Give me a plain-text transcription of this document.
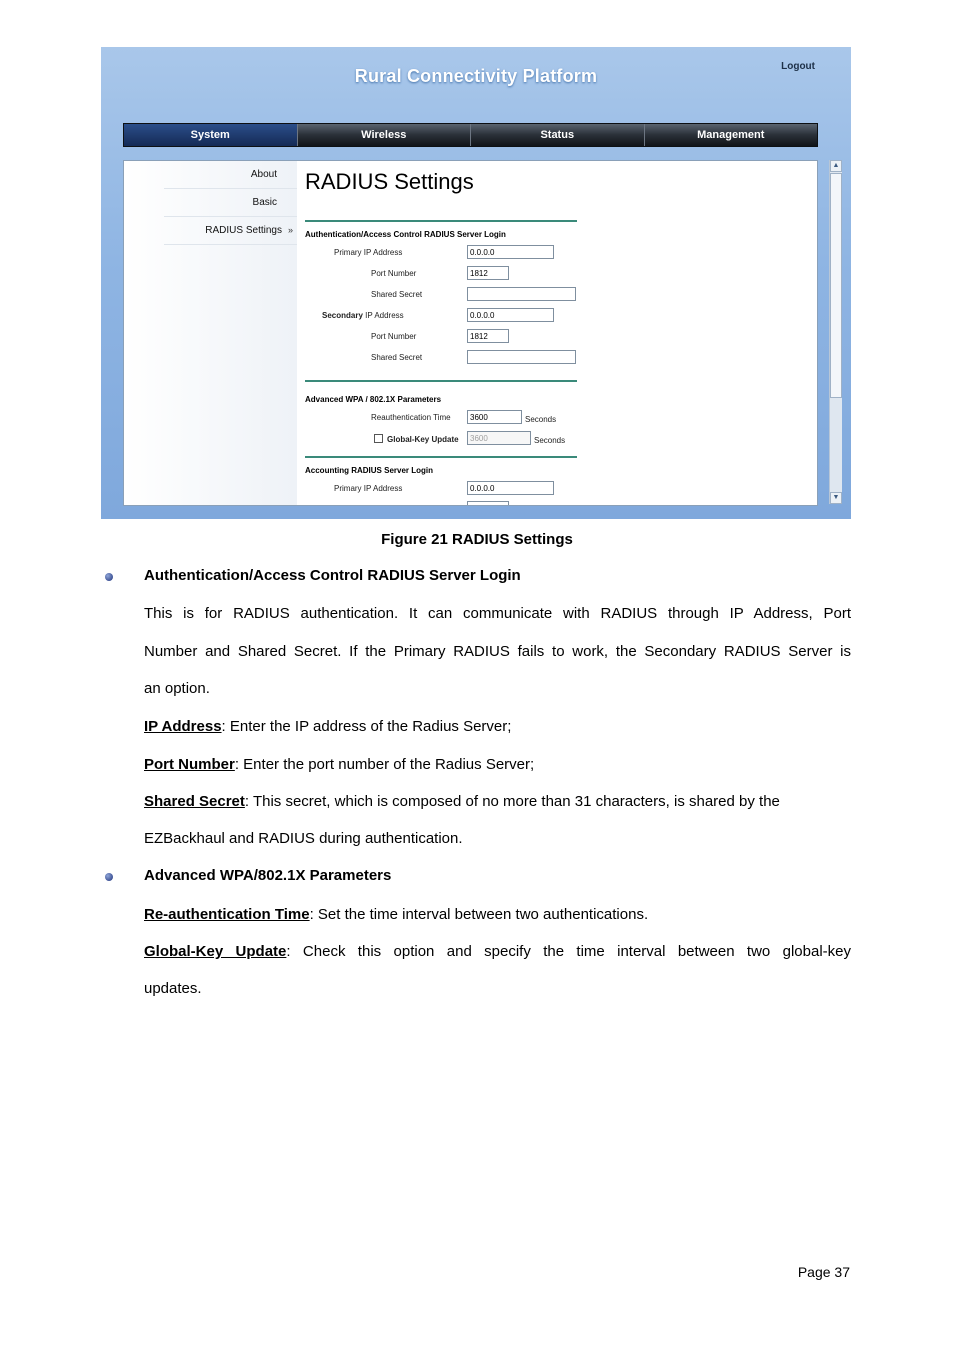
Rural Connectivity Platform	Logout
System	Wireless	Status	Management
About
Basic
RADIUS Settings »
RADIUS Settings
Authentication/Access Control RADIUS Server Login
Primary IP Address	0.0.0.0
Port Number	1812
Shared Secret
Secondary IP Address	0.0.0.0
Port Number	1812
Shared Secret
Advanced WPA / 802.1X Parameters
Reauthentication Time	3600	Seconds
Global-Key Update	3600	Seconds
Accounting RADIUS Server Login
Primary IP Address	0.0.0.0
▲
▼
Figure 21 RADIUS Settings
Authentication/Access Control RADIUS Server Login
This is for RADIUS authentication. It can communicate with RADIUS through IP Address, Port
Number and Shared Secret. If the Primary RADIUS fails to work, the Secondary RADIUS Server is
an option.
IP Address: Enter the IP address of the Radius Server;
Port Number: Enter the port number of the Radius Server;
Shared Secret: This secret, which is composed of no more than 31 characters, is shared by the
EZBackhaul and RADIUS during authentication.
Advanced WPA/802.1X Parameters
Re-authentication Time: Set the time interval between two authentications.
Global-Key Update: Check this option and specify the time interval between two global-key
updates.
Page 37
